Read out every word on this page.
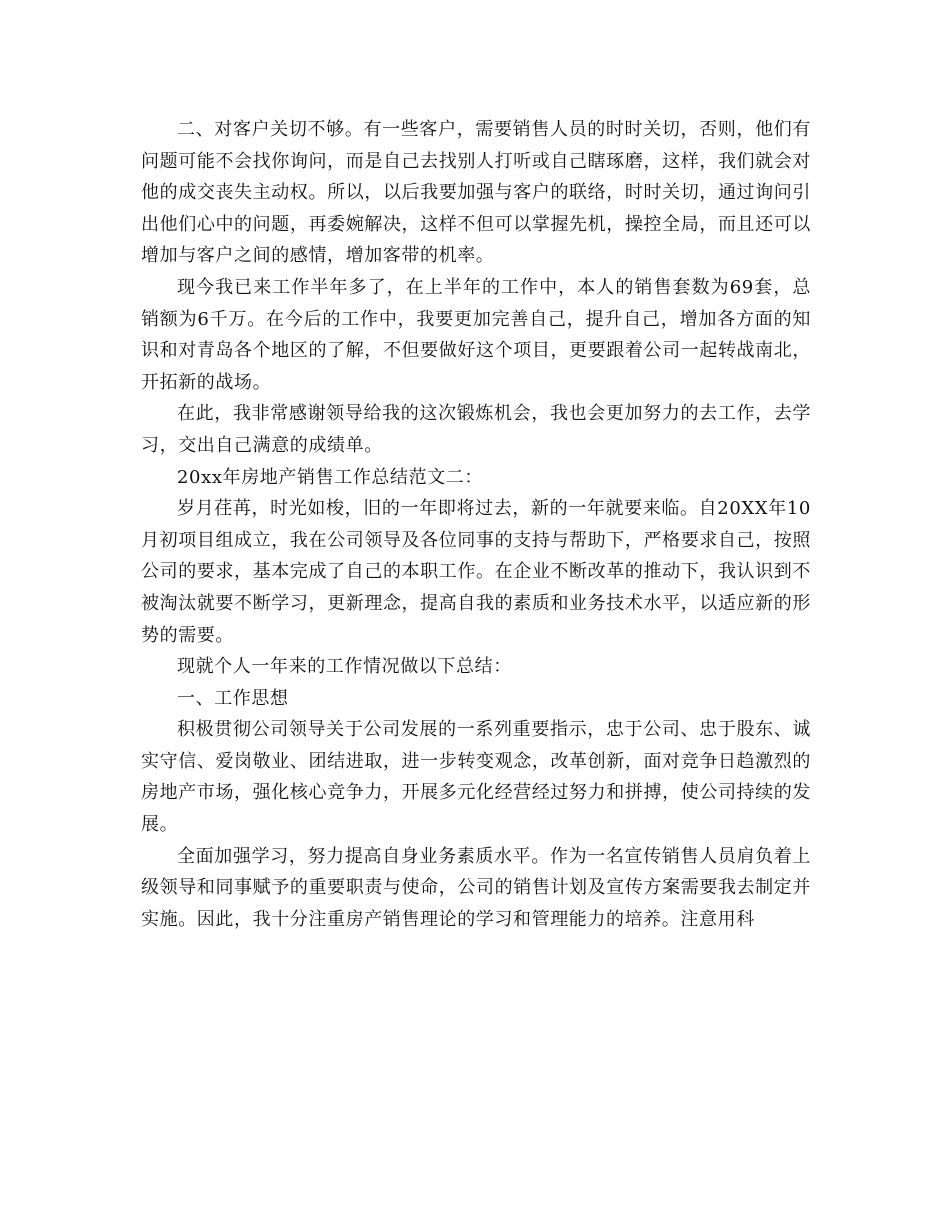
二、对客户关切不够。有一些客户，需要销售人员的时时关切，否则，他们有问题可能不会找你询问，而是自己去找别人打听或自己瞎琢磨，这样，我们就会对他的成交丧失主动权。所以，以后我要加强与客户的联络，时时关切，通过询问引出他们心中的问题，再委婉解决，这样不但可以掌握先机，操控全局，而且还可以增加与客户之间的感情，增加客带的机率。

现今我已来工作半年多了，在上半年的工作中，本人的销售套数为69套，总销额为6千万。在今后的工作中，我要更加完善自己，提升自己，增加各方面的知识和对青岛各个地区的了解，不但要做好这个项目，更要跟着公司一起转战南北，开拓新的战场。

在此，我非常感谢领导给我的这次锻炼机会，我也会更加努力的去工作，去学习，交出自己满意的成绩单。

20xx年房地产销售工作总结范文二：

岁月荏苒，时光如梭，旧的一年即将过去，新的一年就要来临。自20XX年10月初项目组成立，我在公司领导及各位同事的支持与帮助下，严格要求自己，按照公司的要求，基本完成了自己的本职工作。在企业不断改革的推动下，我认识到不被淘汰就要不断学习，更新理念，提高自我的素质和业务技术水平，以适应新的形势的需要。

现就个人一年来的工作情况做以下总结：

一、工作思想

积极贯彻公司领导关于公司发展的一系列重要指示，忠于公司、忠于股东、诚实守信、爱岗敬业、团结进取，进一步转变观念，改革创新，面对竞争日趋激烈的房地产市场，强化核心竞争力，开展多元化经营经过努力和拼搏，使公司持续的发展。

全面加强学习，努力提高自身业务素质水平。作为一名宣传销售人员肩负着上级领导和同事赋予的重要职责与使命，公司的销售计划及宣传方案需要我去制定并实施。因此，我十分注重房产销售理论的学习和管理能力的培养。注意用科
